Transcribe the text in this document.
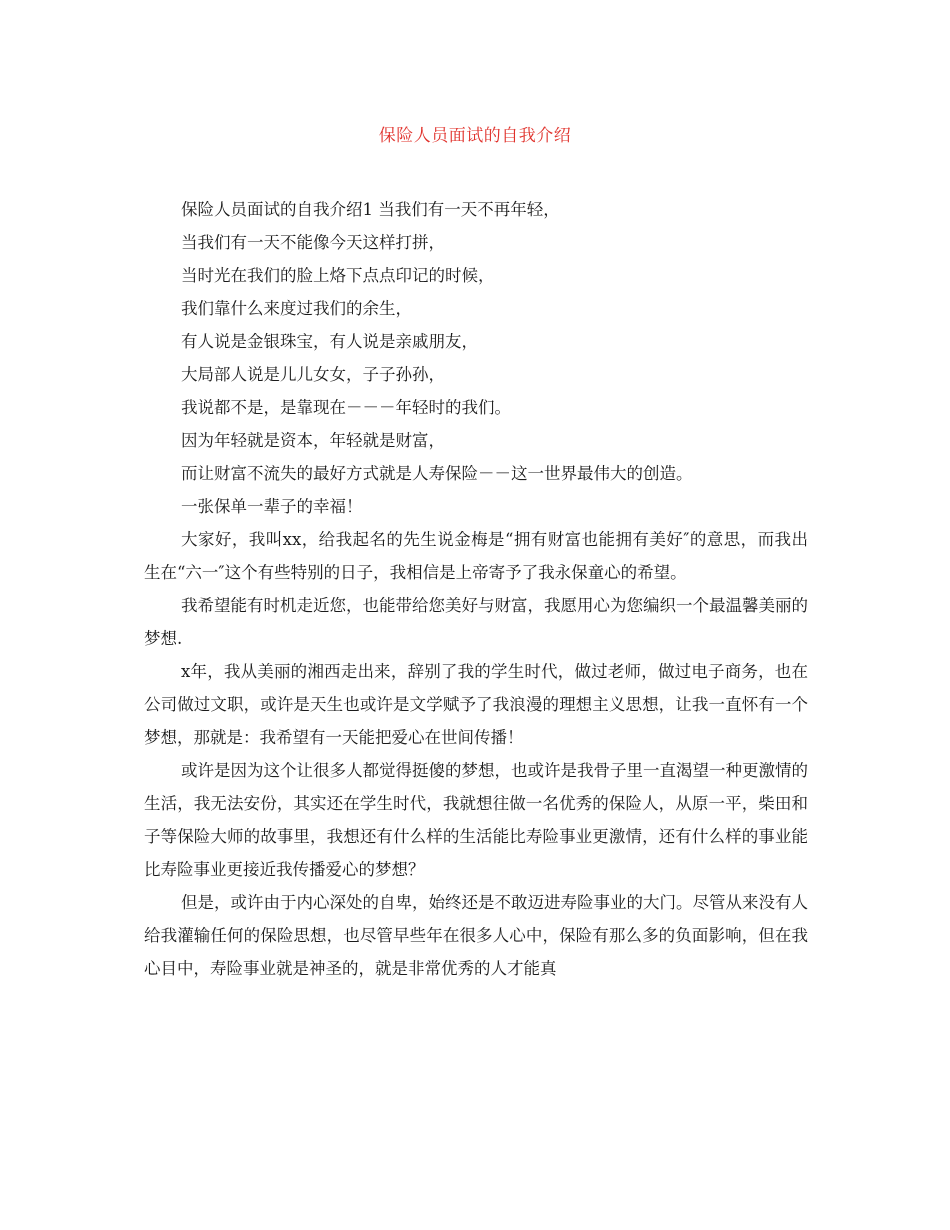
保险人员面试的自我介绍

保险人员面试的自我介绍1 当我们有一天不再年轻，

当我们有一天不能像今天这样打拼，

当时光在我们的脸上烙下点点印记的时候，

我们靠什么来度过我们的余生，

有人说是金银珠宝，有人说是亲戚朋友，

大局部人说是儿儿女女，子子孙孙，

我说都不是，是靠现在－－－年轻时的我们。

因为年轻就是资本，年轻就是财富，

而让财富不流失的最好方式就是人寿保险－－这一世界最伟大的创造。

一张保单一辈子的幸福！

大家好，我叫xx，给我起名的先生说金梅是“拥有财富也能拥有美好″的意思，而我出生在“六一″这个有些特别的日子，我相信是上帝寄予了我永保童心的希望。

我希望能有时机走近您，也能带给您美好与财富，我愿用心为您编织一个最温馨美丽的梦想.

x年，我从美丽的湘西走出来，辞别了我的学生时代，做过老师，做过电子商务，也在公司做过文职，或许是天生也或许是文学赋予了我浪漫的理想主义思想，让我一直怀有一个梦想，那就是：我希望有一天能把爱心在世间传播！

或许是因为这个让很多人都觉得挺傻的梦想，也或许是我骨子里一直渴望一种更激情的生活，我无法安份，其实还在学生时代，我就想往做一名优秀的保险人，从原一平，柴田和子等保险大师的故事里，我想还有什么样的生活能比寿险事业更激情，还有什么样的事业能比寿险事业更接近我传播爱心的梦想？

但是，或许由于内心深处的自卑，始终还是不敢迈进寿险事业的大门。尽管从来没有人给我灌输任何的保险思想，也尽管早些年在很多人心中，保险有那么多的负面影响，但在我心目中，寿险事业就是神圣的，就是非常优秀的人才能真
